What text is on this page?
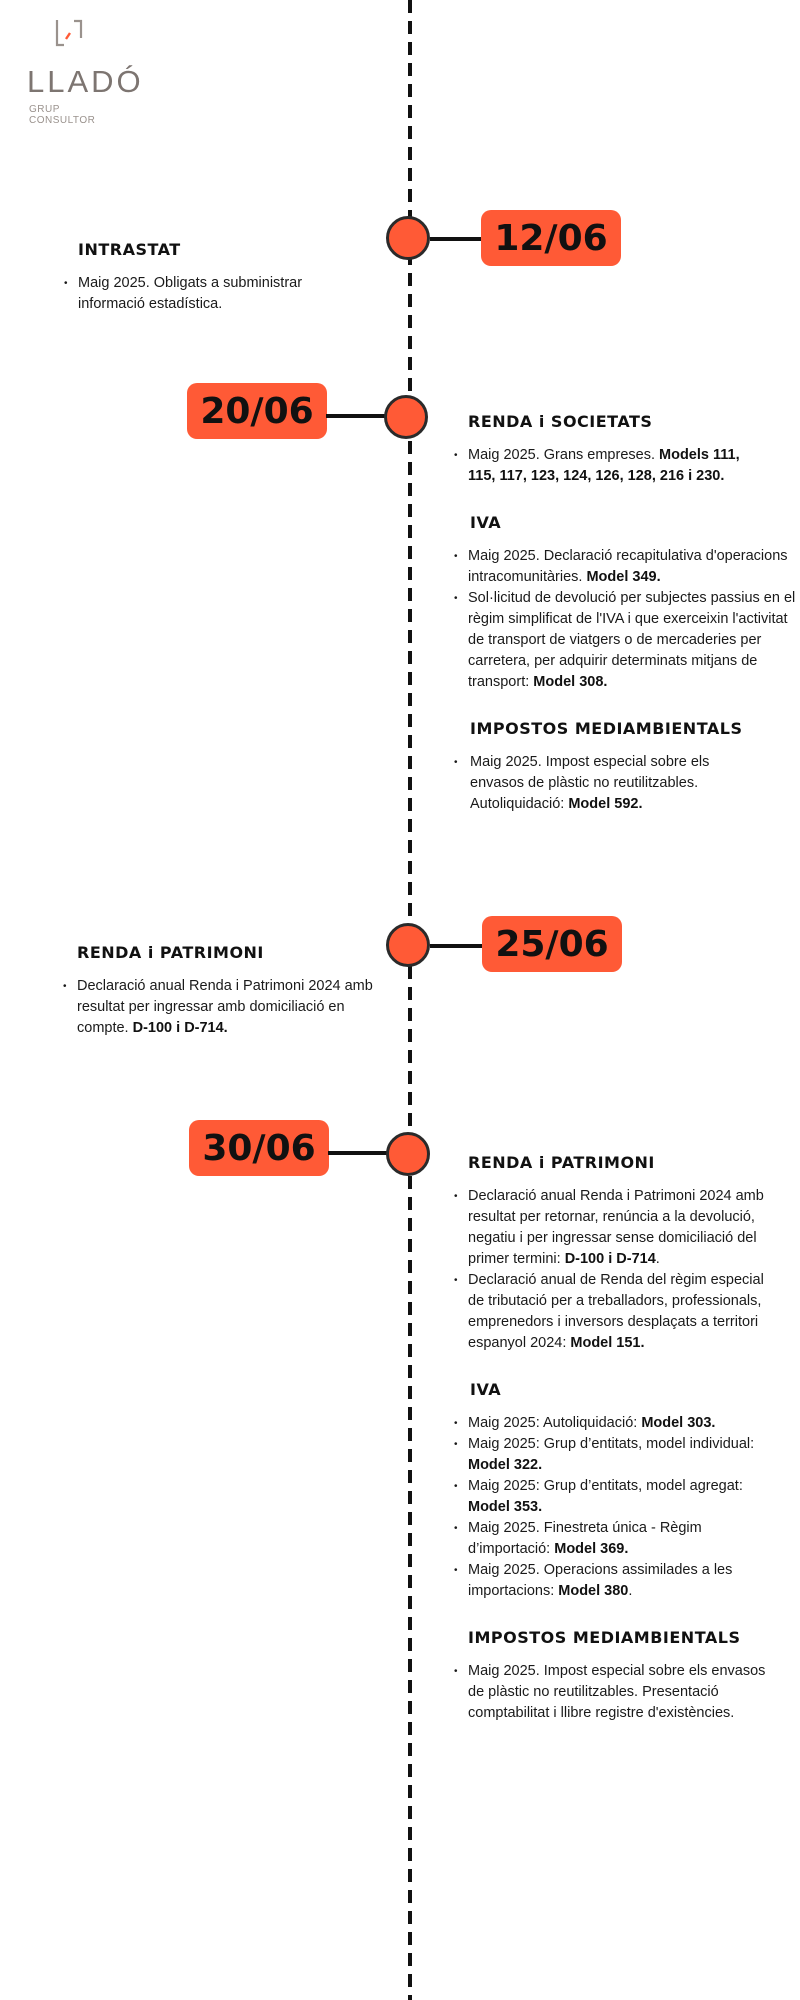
LLADÓ
GRUP CONSULTOR
12/06
INTRASTAT
• Maig 2025. Obligats a subministrar informació estadística.
20/06	RENDA i SOCIETATS
• Maig 2025. Grans empreses. Models 111, 115, 117, 123, 124, 126, 128, 216 i 230.
IVA
• Maig 2025. Declaració recapitulativa d'operacions intracomunitàries. Model 349.
• Sol·licitud de devolució per subjectes passius en el règim simplificat de l'IVA i que exerceixin l'activitat de transport de viatgers o de mercaderies per carretera, per adquirir determinats mitjans de transport: Model 308.
IMPOSTOS MEDIAMBIENTALS
• Maig 2025. Impost especial sobre els envasos de plàstic no reutilitzables. Autoliquidació: Model 592.
25/06
RENDA i PATRIMONI
• Declaració anual Renda i Patrimoni 2024 amb resultat per ingressar amb domiciliació en compte. D-100 i D-714.
30/06	RENDA i PATRIMONI
• Declaració anual Renda i Patrimoni 2024 amb resultat per retornar, renúncia a la devolució, negatiu i per ingressar sense domiciliació del primer termini: D-100 i D-714.
• Declaració anual de Renda del règim especial de tributació per a treballadors, professionals, emprenedors i inversors desplaçats a territori espanyol 2024: Model 151.
IVA
• Maig 2025: Autoliquidació: Model 303.
• Maig 2025: Grup d’entitats, model individual: Model 322.
• Maig 2025: Grup d’entitats, model agregat: Model 353.
• Maig 2025. Finestreta única - Règim d’importació: Model 369.
• Maig 2025. Operacions assimilades a les importacions: Model 380.
IMPOSTOS MEDIAMBIENTALS
• Maig 2025. Impost especial sobre els envasos de plàstic no reutilitzables. Presentació comptabilitat i llibre registre d'existències.
